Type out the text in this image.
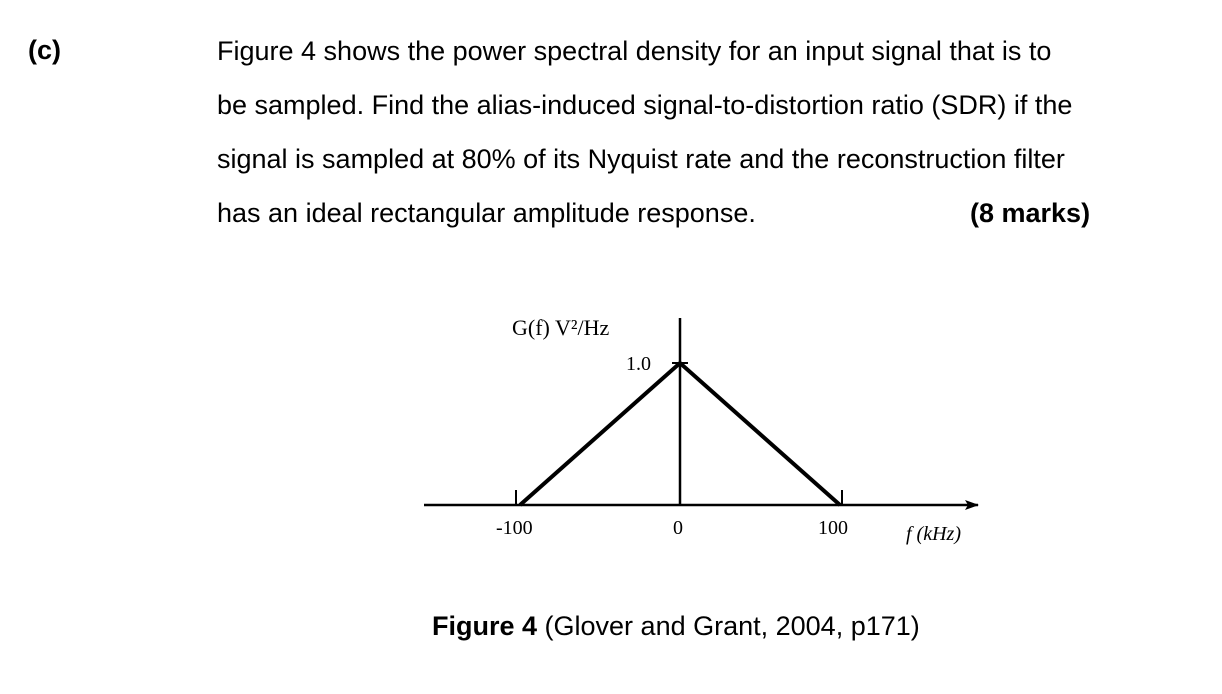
(c)	Figure 4 shows the power spectral density for an input signal that is to
be sampled. Find the alias-induced signal-to-distortion ratio (SDR) if the
signal is sampled at 80% of its Nyquist rate and the reconstruction filter
has an ideal rectangular amplitude response.	(8 marks)
G(f) V²/Hz
1.0
-100	0	100	f (kHz)
Figure 4 (Glover and Grant, 2004, p171)
